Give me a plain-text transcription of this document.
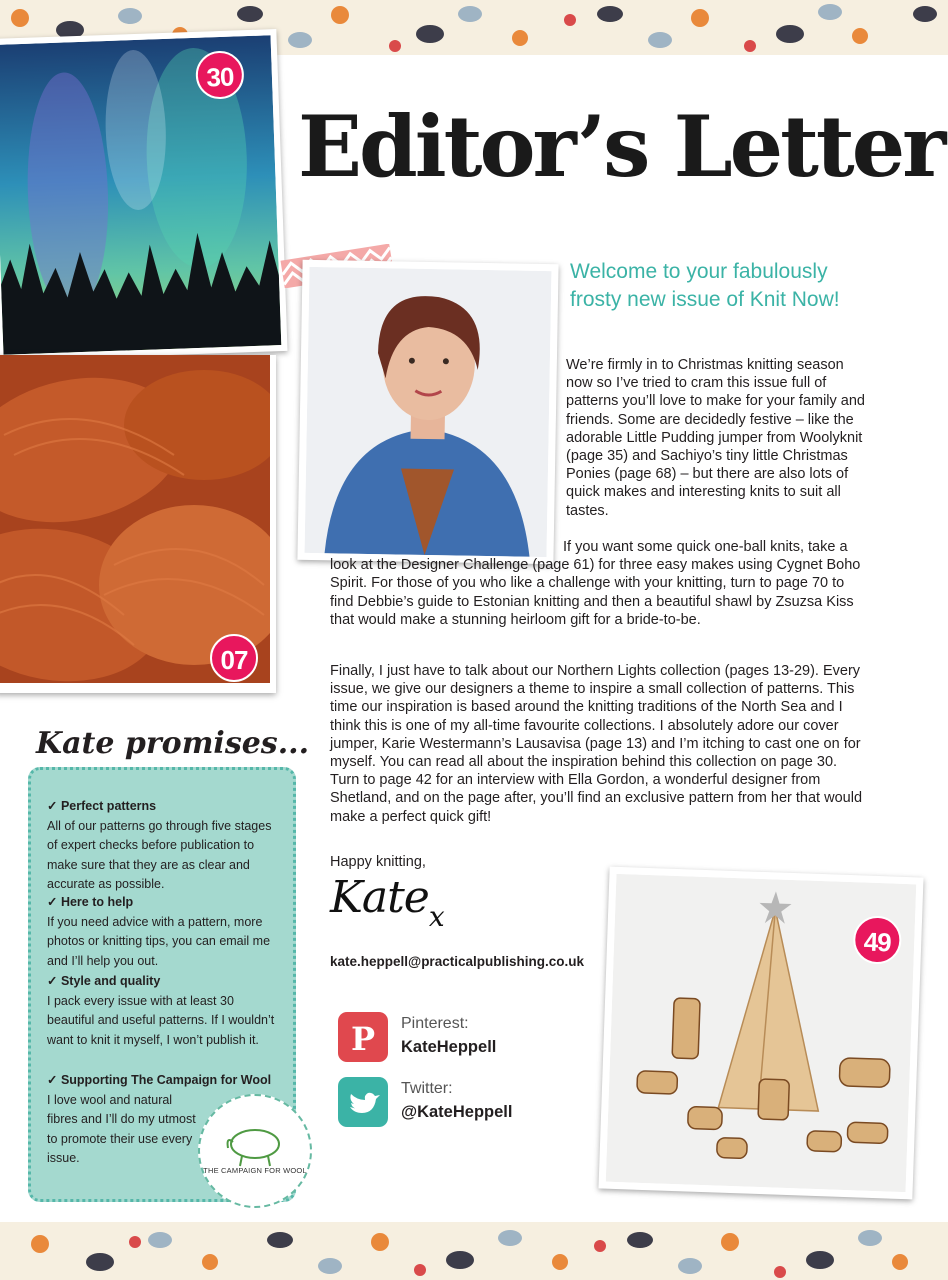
30
07
Editor’s Letter
Welcome to your fabulously frosty new issue of Knit Now!

We’re firmly in to Christmas knitting season now so I’ve tried to cram this issue full of patterns you’ll love to make for your family and friends. Some are decidedly festive – like the adorable Little Pudding jumper from Woolyknit (page 35) and Sachiyo’s tiny little Christmas Ponies (page 68) – but there are also lots of quick makes and interesting knits to suit all tastes.

If you want some quick one-ball knits, take a look at the Designer Challenge (page 61) for three easy makes using Cygnet Boho Spirit. For those of you who like a challenge with your knitting, turn to page 70 to find Debbie’s guide to Estonian knitting and then a beautiful shawl by Zsuzsa Kiss that would make a stunning heirloom gift for a bride-to-be.

Finally, I just have to talk about our Northern Lights collection (pages 13-29). Every issue, we give our designers a theme to inspire a small collection of patterns. This time our inspiration is based around the knitting traditions of the North Sea and I think this is one of my all-time favourite collections. I absolutely adore our cover jumper, Karie Westermann’s Lausavisa (page 13) and I’m itching to cast one on for myself. You can read all about the inspiration behind this collection on page 30. Turn to page 42 for an interview with Ella Gordon, a wonderful designer from Shetland, and on the page after, you’ll find an exclusive pattern from her that would make a perfect quick gift!

Happy knitting,
Katex
kate.heppell@practicalpublishing.co.uk
P Pinterest:
KateHeppell
Twitter:
@KateHeppell
Kate promises...
✓ Perfect patterns
All of our patterns go through five stages of expert checks before publication to make sure that they are as clear and accurate as possible.
✓ Here to help
If you need advice with a pattern, more photos or knitting tips, you can email me and I’ll help you out.
✓ Style and quality
I pack every issue with at least 30 beautiful and useful patterns. If I wouldn’t want to knit it myself, I won’t publish it.
✓ Supporting The Campaign for Wool
I love wool and natural fibres and I’ll do my utmost to promote their use every issue.
THE CAMPAIGN FOR WOOL
49
